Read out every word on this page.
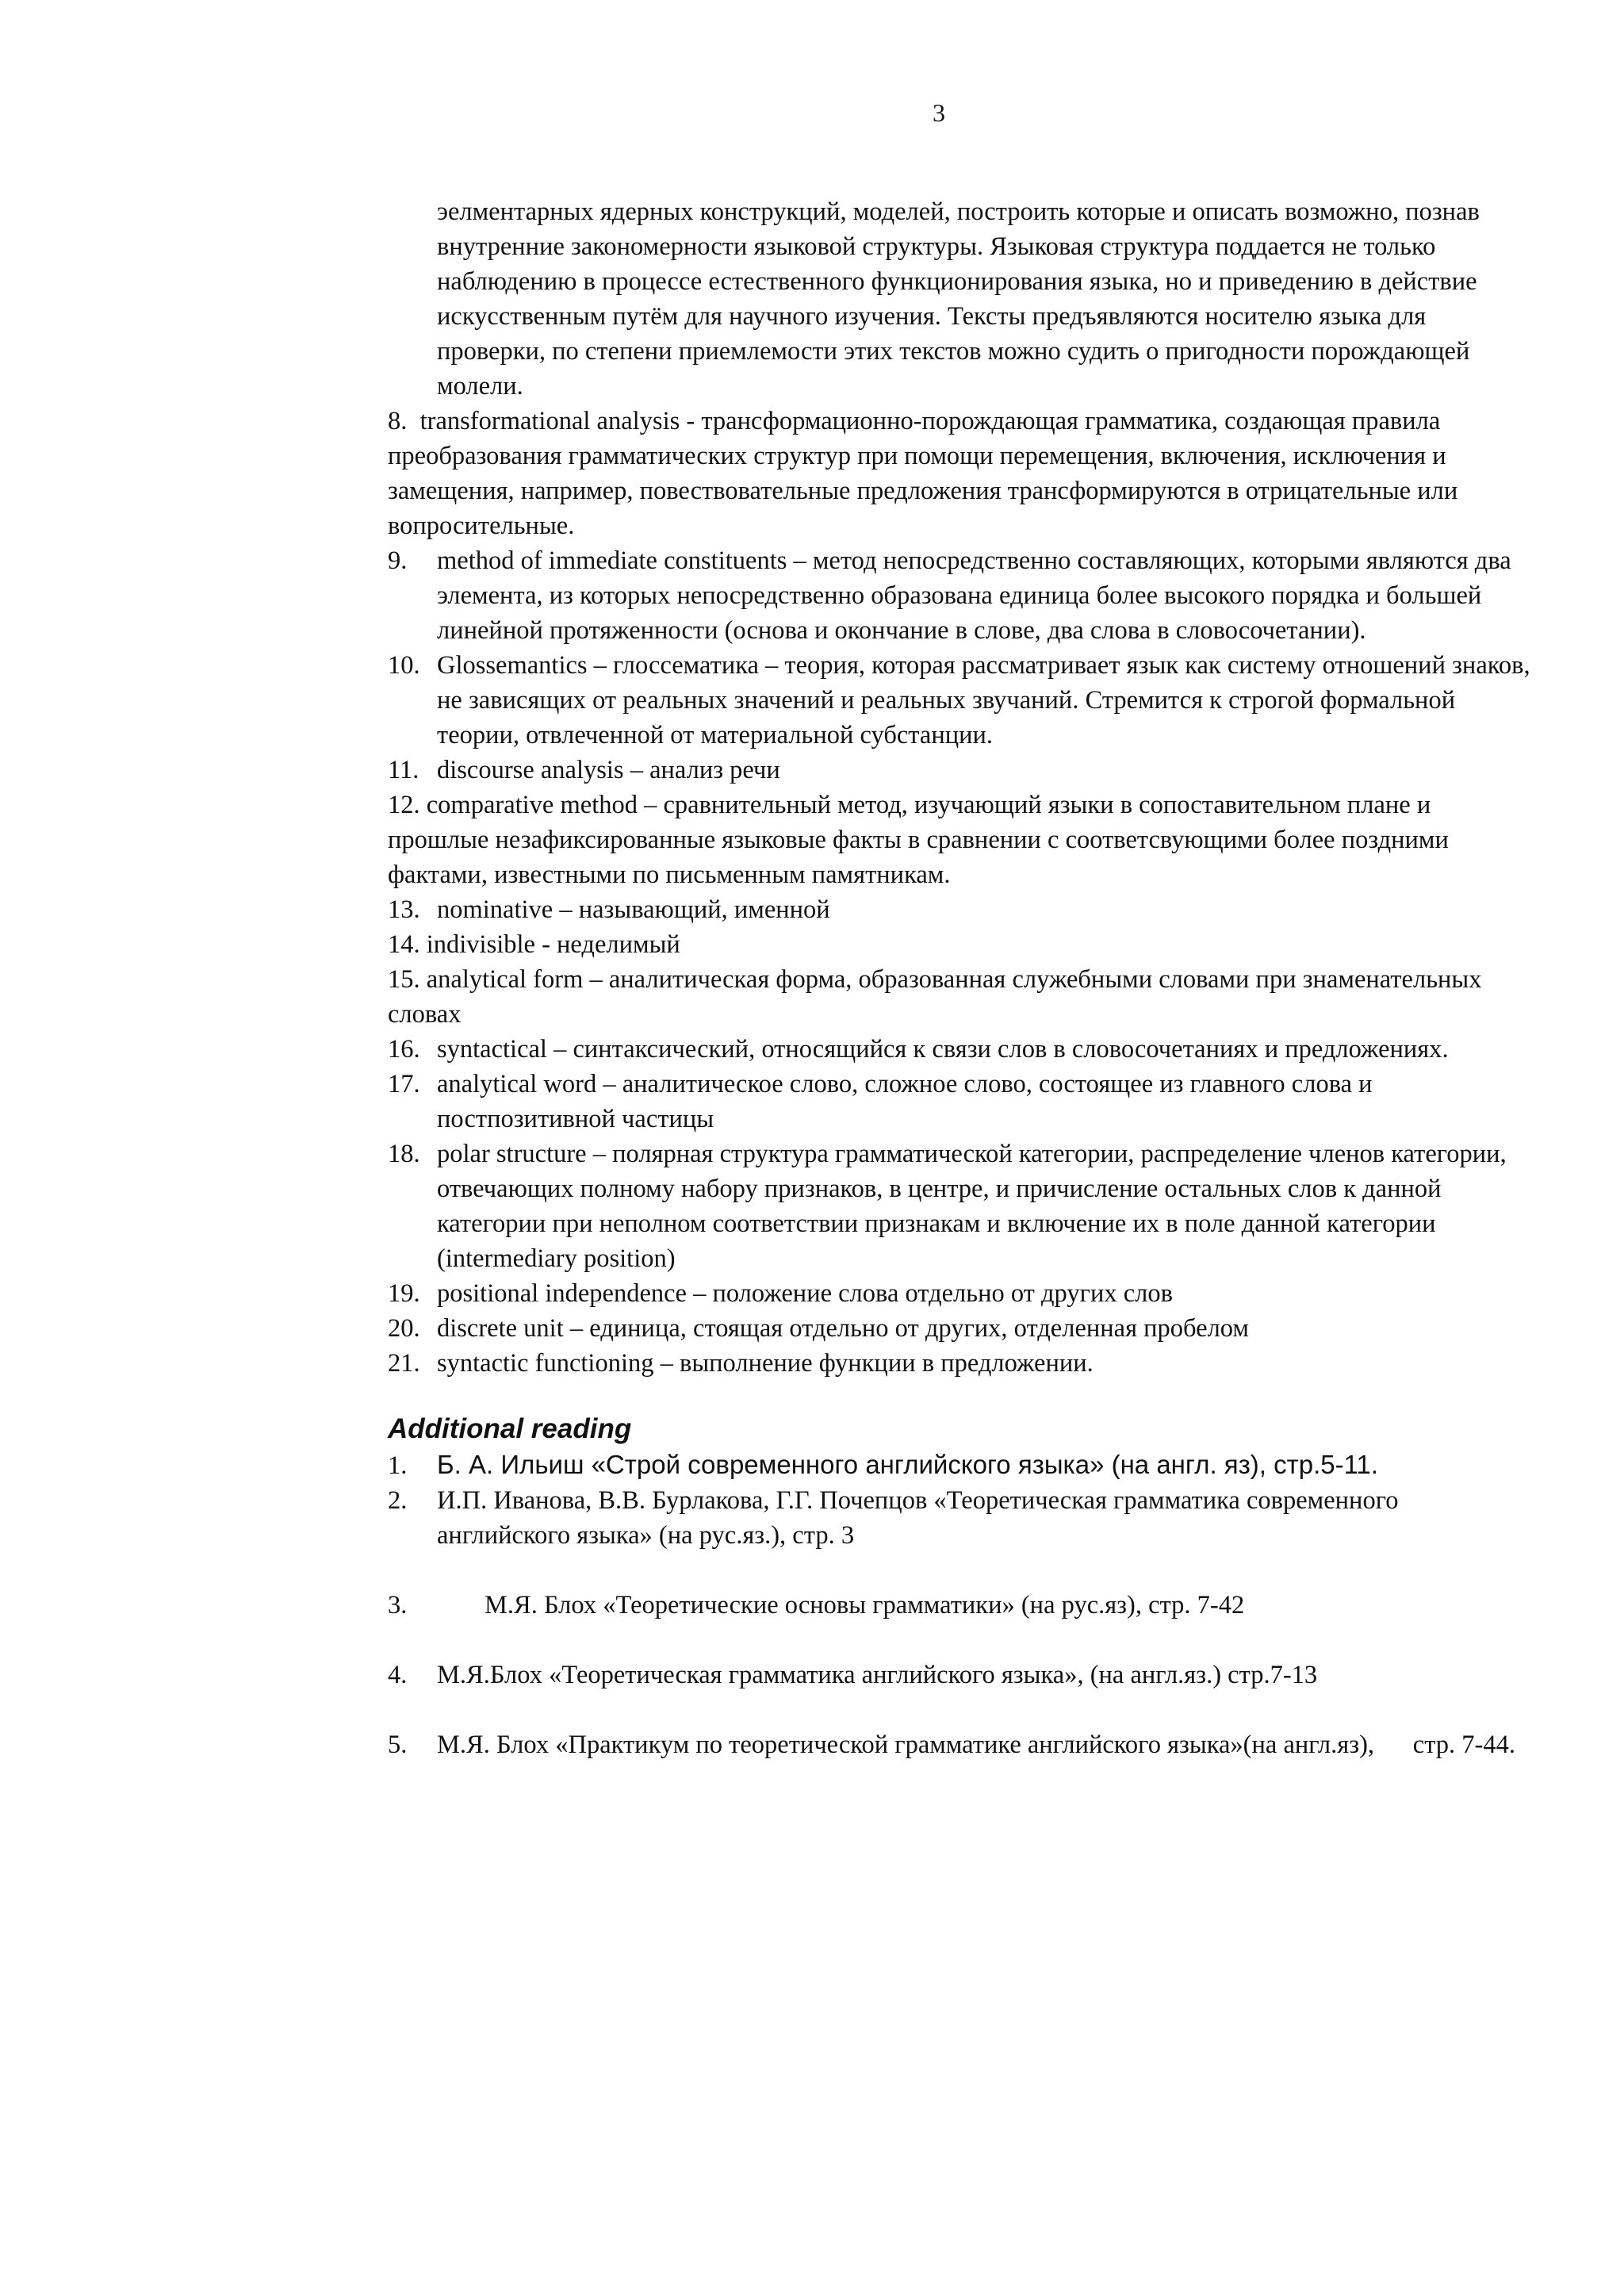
3

эелментарных ядерных конструкций, моделей, построить которые и описать возможно, познав внутренние закономерности языковой структуры. Языковая структура поддается не только наблюдению в процессе естественного функционирования языка, но и приведению в действие искусственным путём для научного изучения. Тексты предъявляются носителю языка для проверки, по степени приемлемости этих текстов можно судить о пригодности порождающей молели.

8. transformational analysis - трансформационно-порождающая грамматика, создающая правила преобразования грамматических структур при помощи перемещения, включения, исключения и замещения, например, повествовательные предложения трансформируются в отрицательные или вопросительные.

9. method of immediate constituents – метод непосредственно составляющих, которыми являются два элемента, из которых непосредственно образована единица более высокого порядка и большей линейной протяженности (основа и окончание в слове, два слова в словосочетании).

10. Glossemantics – глоссематика – теория, которая рассматривает язык как систему отношений знаков, не зависящих от реальных значений и реальных звучаний. Стремится к строгой формальной теории, отвлеченной от материальной субстанции.

11. discourse analysis – анализ речи

12. comparative method – сравнительный метод, изучающий языки в сопоставительном плане и прошлые незафиксированные языковые факты в сравнении с соответсвующими более поздними фактами, известными по письменным памятникам.

13. nominative – называющий, именной

14. indivisible - неделимый

15. analytical form – аналитическая форма, образованная служебными словами при знаменательных словах

16. syntactical – синтаксический, относящийся к связи слов в словосочетаниях и предложениях.

17. analytical word – аналитическое слово, сложное слово, состоящее из главного слова и постпозитивной частицы

18. polar structure – полярная структура грамматической категории, распределение членов категории, отвечающих полному набору признаков, в центре, и причисление остальных слов к данной категории при неполном соответствии признакам и включение их в поле данной категории (intermediary position)

19. positional independence – положение слова отдельно от других слов

20. discrete unit – единица, стоящая отдельно от других, отделенная пробелом

21. syntactic functioning – выполнение функции в предложении.

Additional reading

1. Б. А. Ильиш «Строй современного английского языка» (на англ. яз), стр.5-11.

2. И.П. Иванова, В.В. Бурлакова, Г.Г. Почепцов «Теоретическая грамматика современного английского языка» (на рус.яз.), стр. 3

3.	М.Я. Блох «Теоретические основы грамматики» (на рус.яз), стр. 7-42

4. М.Я.Блох «Теоретическая грамматика английского языка», (на англ.яз.) стр.7-13

5. М.Я. Блох «Практикум по теоретической грамматике английского языка»(на англ.яз),      стр. 7-44.
